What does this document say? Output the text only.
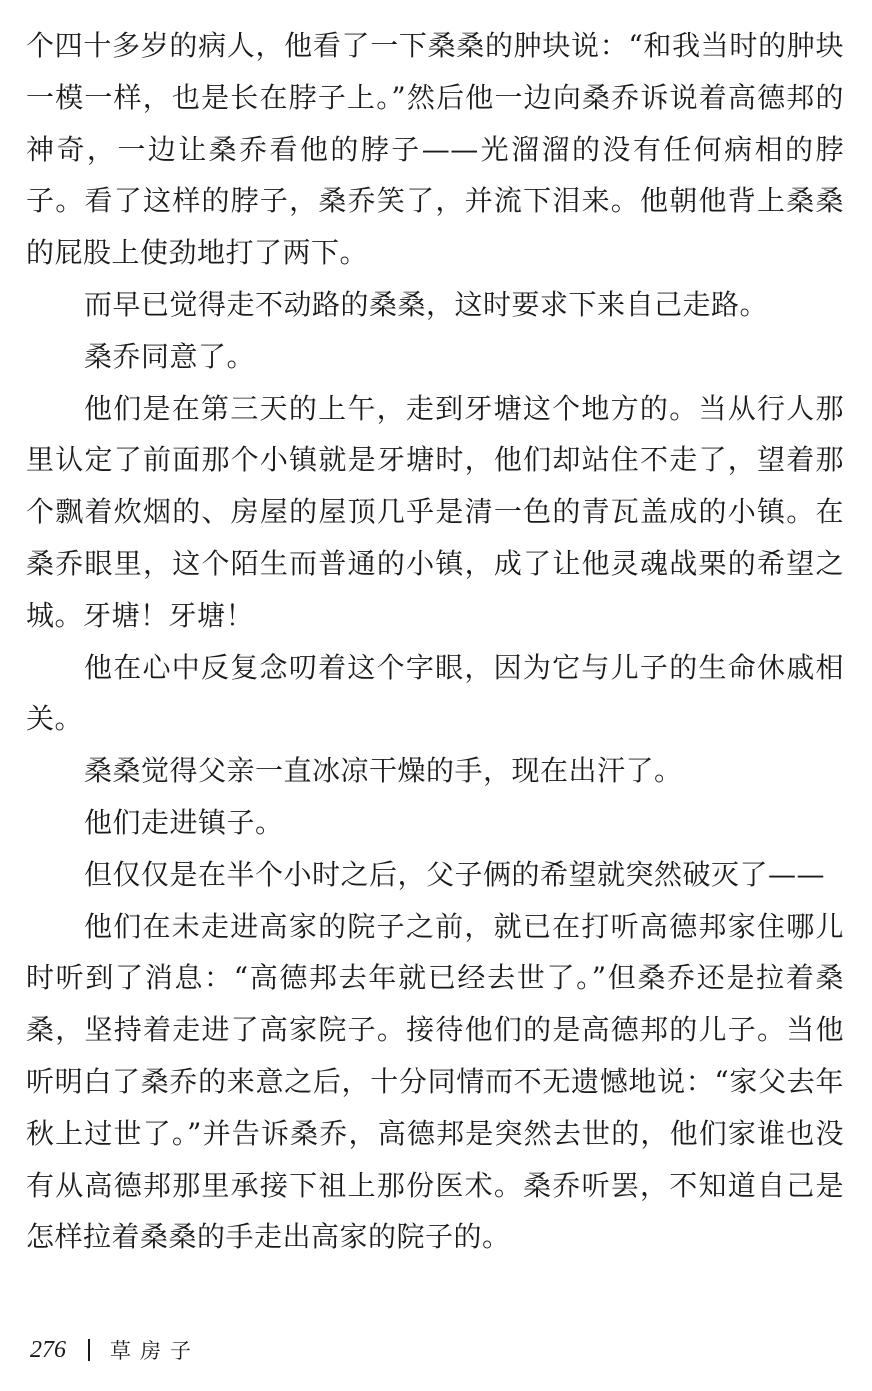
个四十多岁的病人，他看了一下桑桑的肿块说：“和我当时的肿块一模一样，也是长在脖子上。”然后他一边向桑乔诉说着高德邦的神奇，一边让桑乔看他的脖子——光溜溜的没有任何病相的脖子。看了这样的脖子，桑乔笑了，并流下泪来。他朝他背上桑桑的屁股上使劲地打了两下。

而早已觉得走不动路的桑桑，这时要求下来自己走路。

桑乔同意了。

他们是在第三天的上午，走到牙塘这个地方的。当从行人那里认定了前面那个小镇就是牙塘时，他们却站住不走了，望着那个飘着炊烟的、房屋的屋顶几乎是清一色的青瓦盖成的小镇。在桑乔眼里，这个陌生而普通的小镇，成了让他灵魂战栗的希望之城。牙塘！牙塘！

他在心中反复念叨着这个字眼，因为它与儿子的生命休戚相关。

桑桑觉得父亲一直冰凉干燥的手，现在出汗了。

他们走进镇子。

但仅仅是在半个小时之后，父子俩的希望就突然破灭了——

他们在未走进高家的院子之前，就已在打听高德邦家住哪儿时听到了消息：“高德邦去年就已经去世了。”但桑乔还是拉着桑桑，坚持着走进了高家院子。接待他们的是高德邦的儿子。当他听明白了桑乔的来意之后，十分同情而不无遗憾地说：“家父去年秋上过世了。”并告诉桑乔，高德邦是突然去世的，他们家谁也没有从高德邦那里承接下祖上那份医术。桑乔听罢，不知道自己是怎样拉着桑桑的手走出高家的院子的。

276 草房子
